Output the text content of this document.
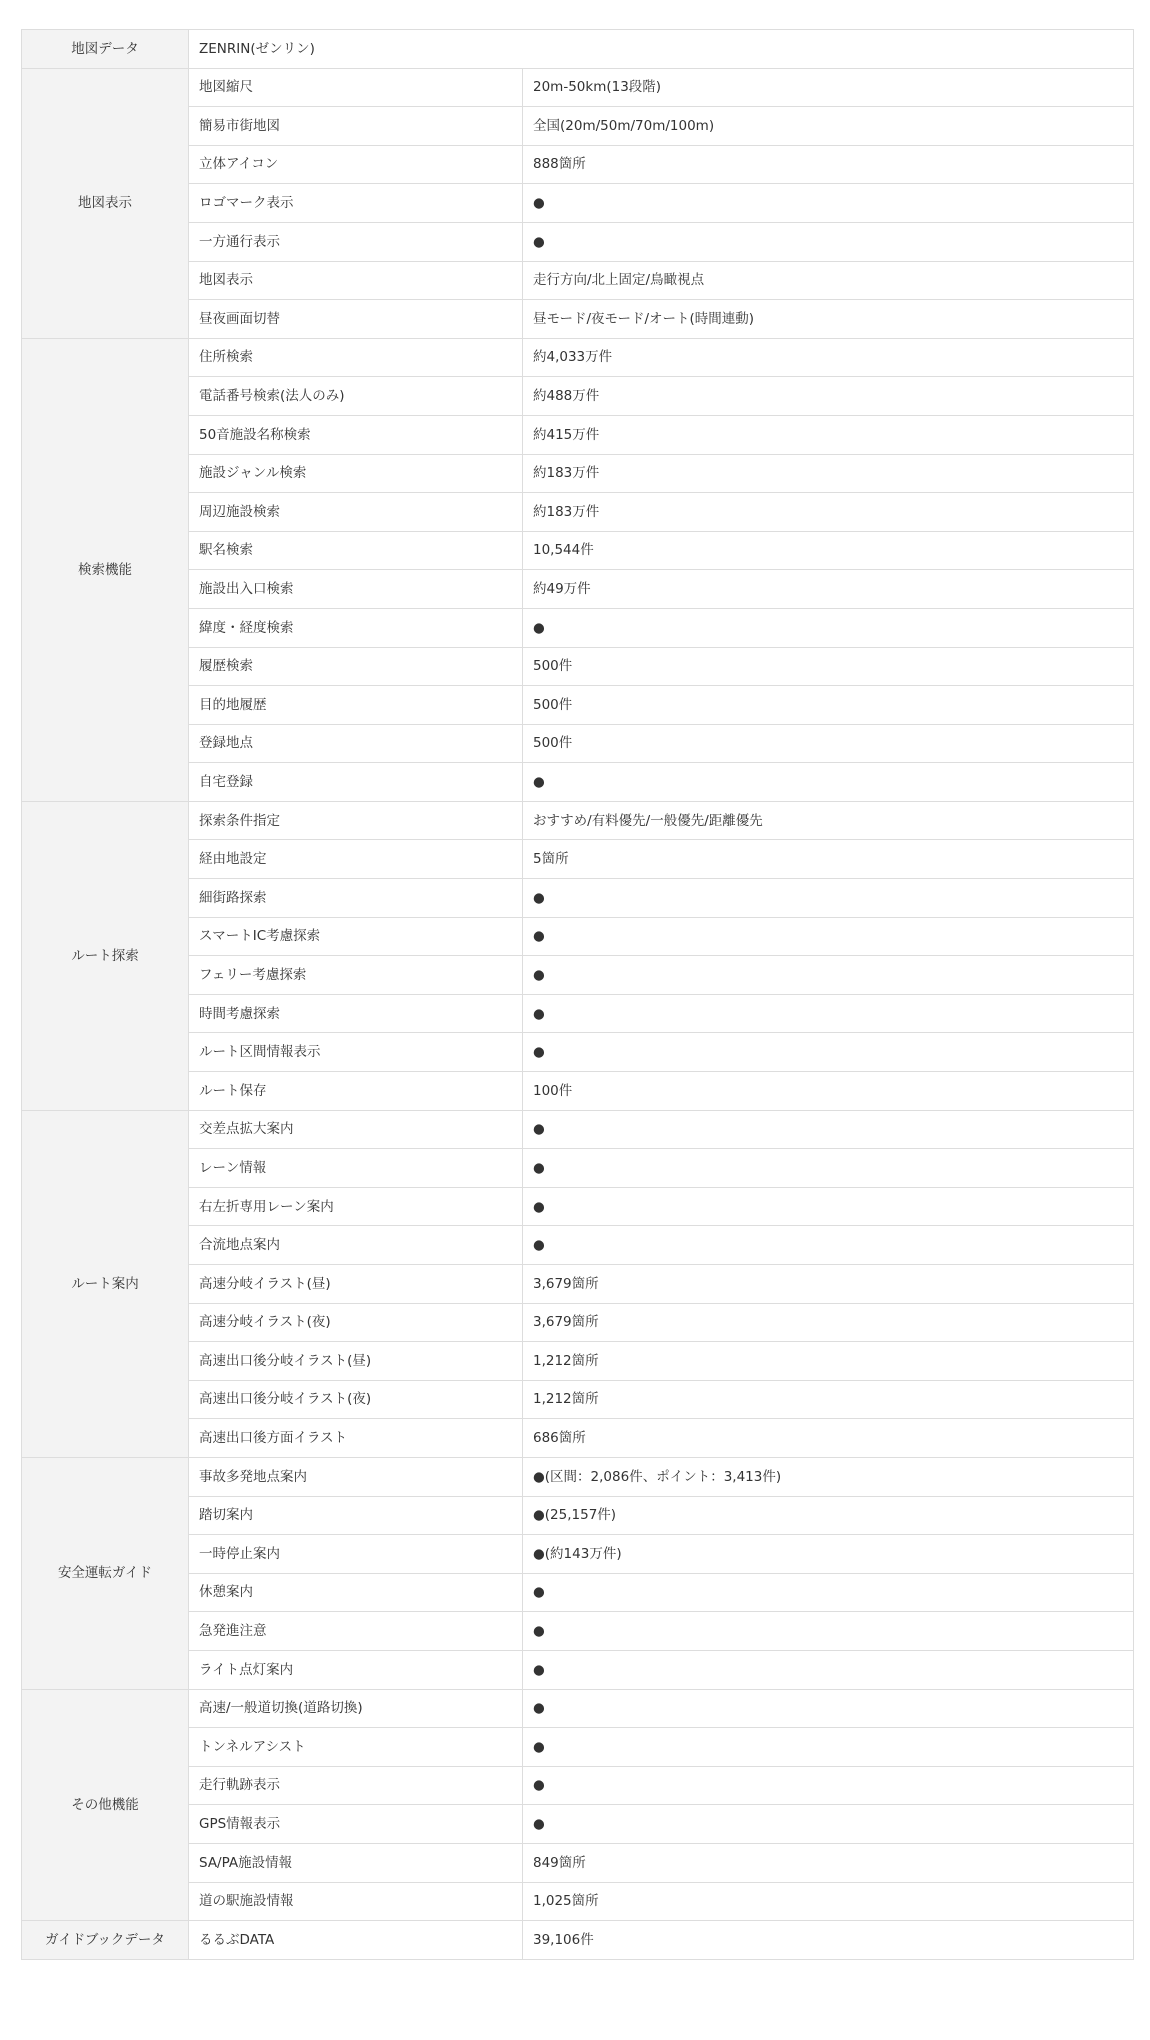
地図データ	ZENRIN(ゼンリン)	
地図表示	地図縮尺	20m-50km(13段階)
	簡易市街地図	全国(20m/50m/70m/100m)
	立体アイコン	888箇所
	ロゴマーク表示	●
	一方通行表示	●
	地図表示	走行方向/北上固定/鳥瞰視点
	昼夜画面切替	昼モード/夜モード/オート(時間連動)
検索機能	住所検索	約4,033万件
	電話番号検索(法人のみ)	約488万件
	50音施設名称検索	約415万件
	施設ジャンル検索	約183万件
	周辺施設検索	約183万件
	駅名検索	10,544件
	施設出入口検索	約49万件
	緯度・経度検索	●
	履歴検索	500件
	目的地履歴	500件
	登録地点	500件
	自宅登録	●
ルート探索	探索条件指定	おすすめ/有料優先/一般優先/距離優先
	経由地設定	5箇所
	細街路探索	●
	スマートIC考慮探索	●
	フェリー考慮探索	●
	時間考慮探索	●
	ルート区間情報表示	●
	ルート保存	100件
ルート案内	交差点拡大案内	●
	レーン情報	●
	右左折専用レーン案内	●
	合流地点案内	●
	高速分岐イラスト(昼)	3,679箇所
	高速分岐イラスト(夜)	3,679箇所
	高速出口後分岐イラスト(昼)	1,212箇所
	高速出口後分岐イラスト(夜)	1,212箇所
	高速出口後方面イラスト	686箇所
安全運転ガイド	事故多発地点案内	●(区間：2,086件、ポイント：3,413件)
	踏切案内	●(25,157件)
	一時停止案内	●(約143万件)
	休憩案内	●
	急発進注意	●
	ライト点灯案内	●
その他機能	高速/一般道切換(道路切換)	●
	トンネルアシスト	●
	走行軌跡表示	●
	GPS情報表示	●
	SA/PA施設情報	849箇所
	道の駅施設情報	1,025箇所
ガイドブックデータ	るるぶDATA	39,106件
